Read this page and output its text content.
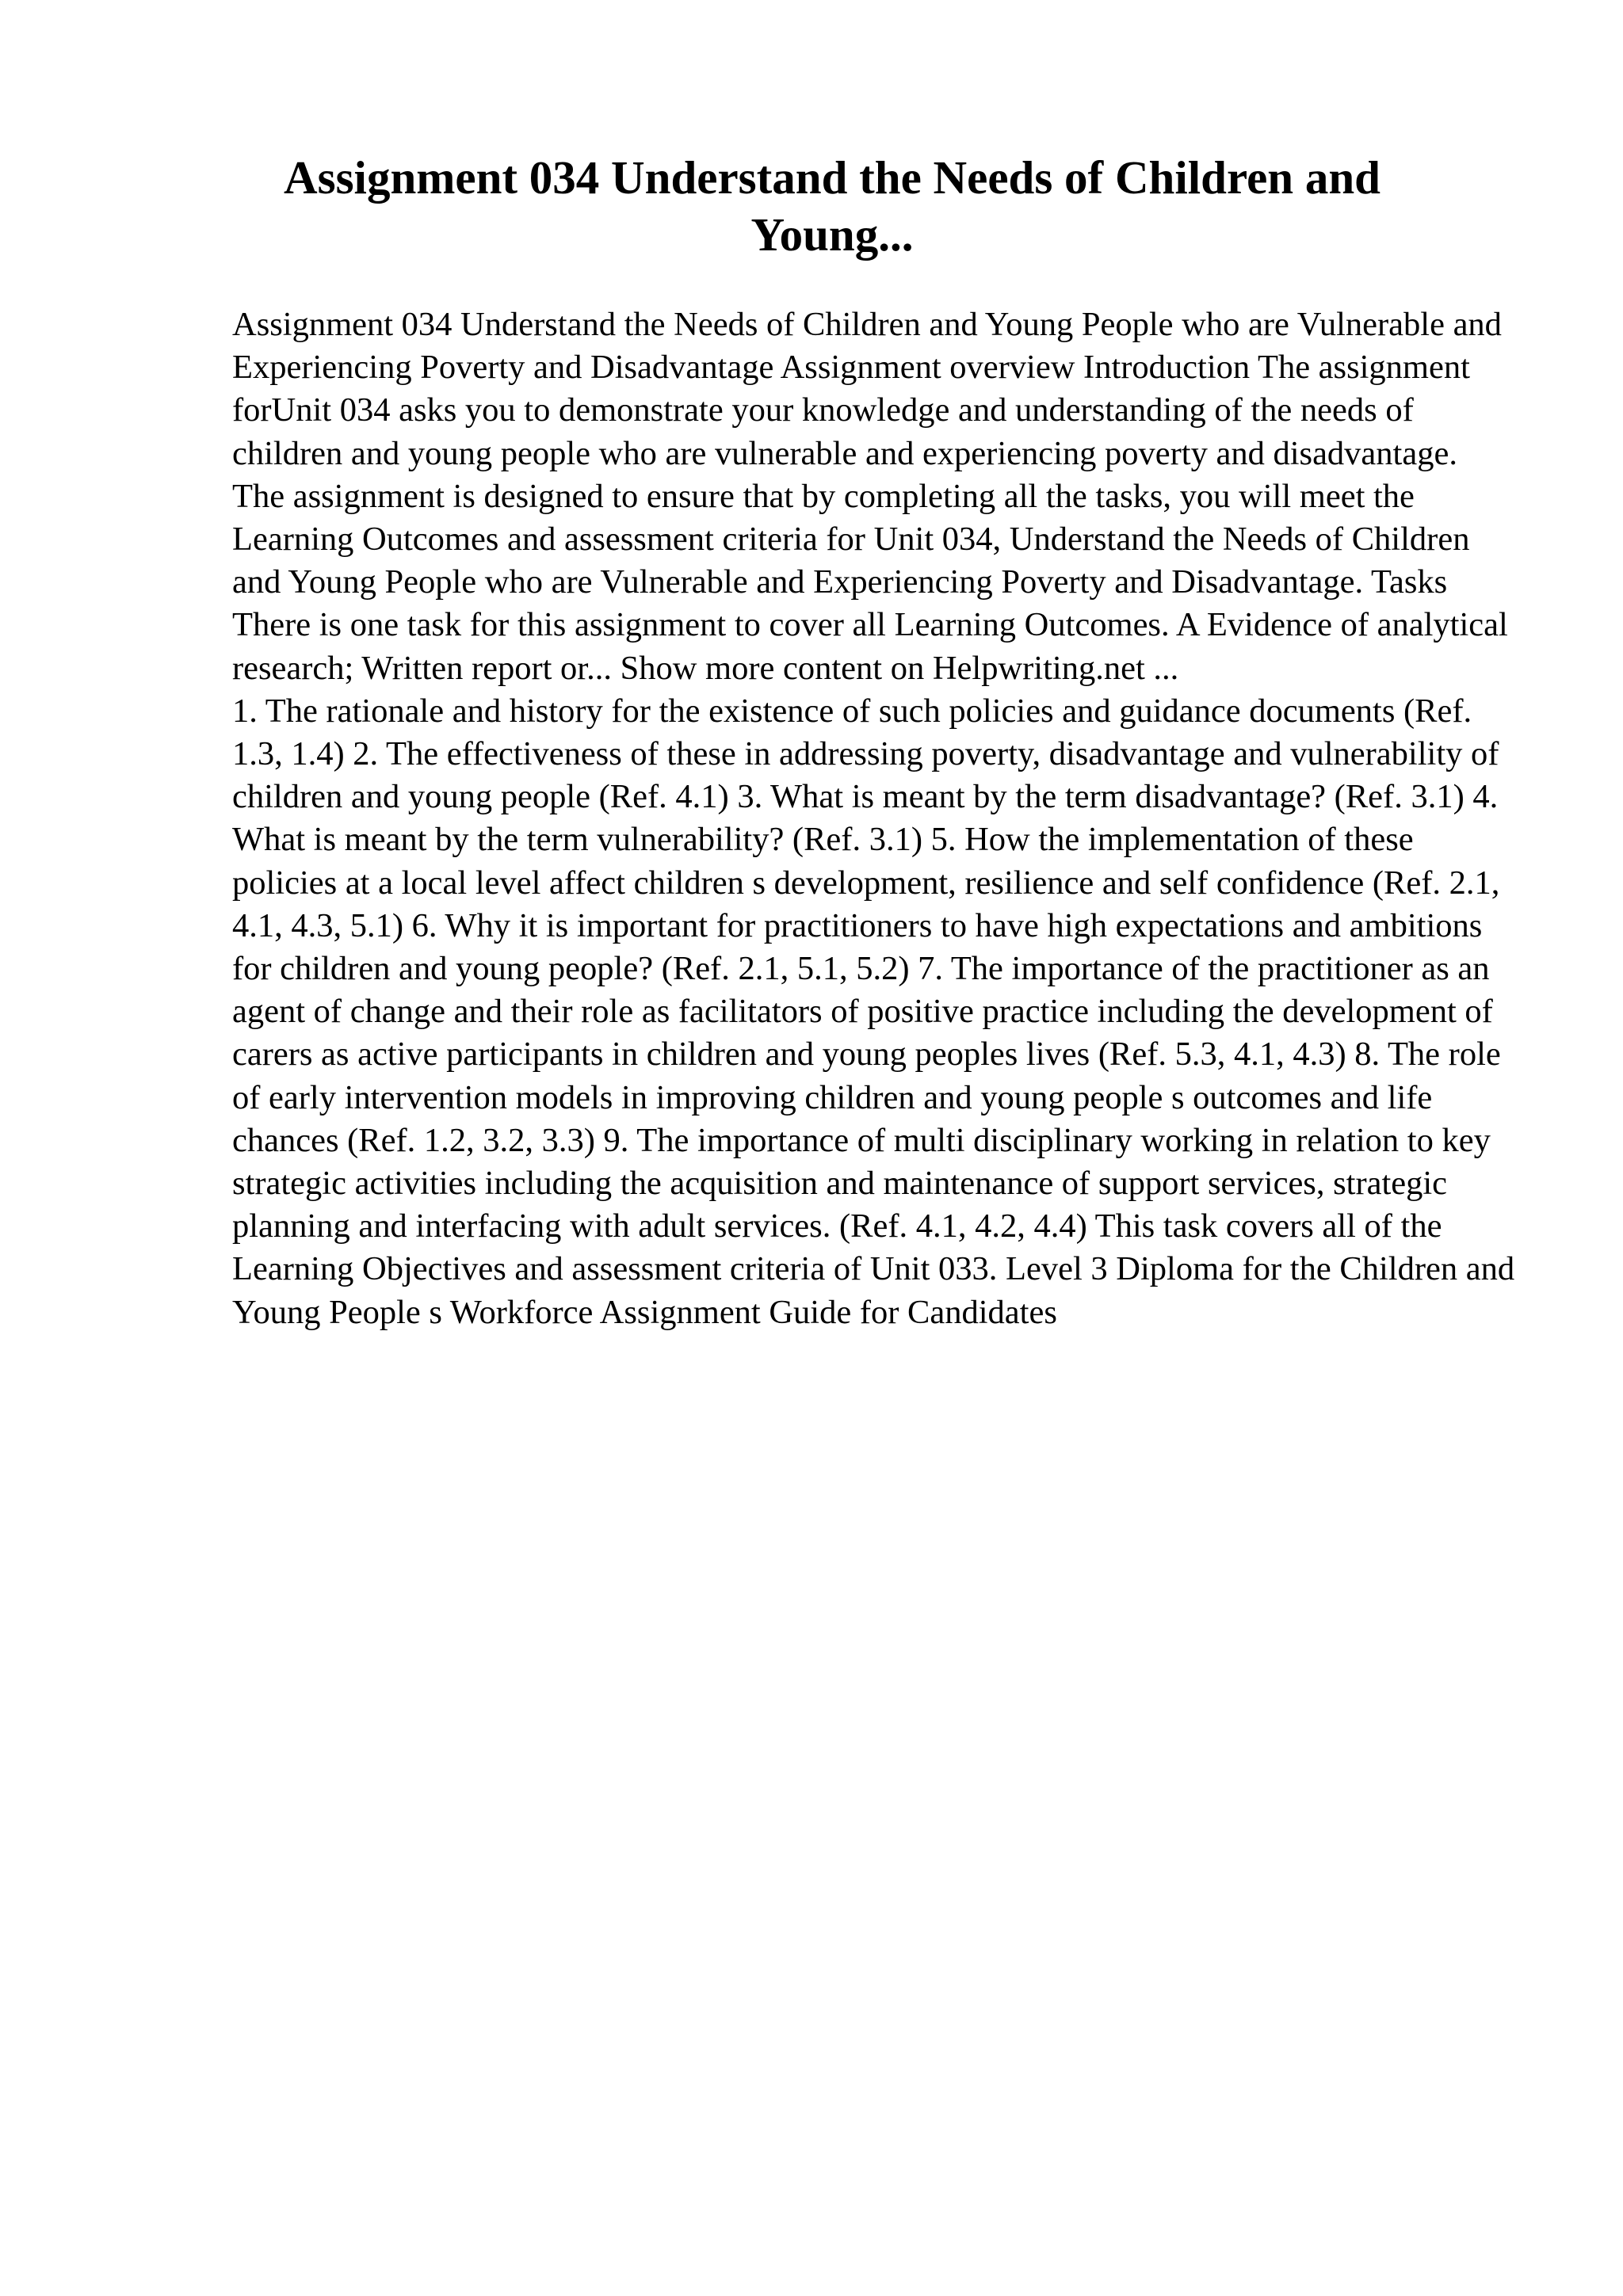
Assignment 034 Understand the Needs of Children and Young...

Assignment 034 Understand the Needs of Children and Young People who are Vulnerable and Experiencing Poverty and Disadvantage Assignment overview Introduction The assignment forUnit 034 asks you to demonstrate your knowledge and understanding of the needs of children and young people who are vulnerable and experiencing poverty and disadvantage. The assignment is designed to ensure that by completing all the tasks, you will meet the Learning Outcomes and assessment criteria for Unit 034, Understand the Needs of Children and Young People who are Vulnerable and Experiencing Poverty and Disadvantage. Tasks There is one task for this assignment to cover all Learning Outcomes. A Evidence of analytical research; Written report or... Show more content on Helpwriting.net ...

1. The rationale and history for the existence of such policies and guidance documents (Ref. 1.3, 1.4) 2. The effectiveness of these in addressing poverty, disadvantage and vulnerability of children and young people (Ref. 4.1) 3. What is meant by the term disadvantage? (Ref. 3.1) 4. What is meant by the term vulnerability? (Ref. 3.1) 5. How the implementation of these policies at a local level affect children s development, resilience and self confidence (Ref. 2.1, 4.1, 4.3, 5.1) 6. Why it is important for practitioners to have high expectations and ambitions for children and young people? (Ref. 2.1, 5.1, 5.2) 7. The importance of the practitioner as an agent of change and their role as facilitators of positive practice including the development of carers as active participants in children and young peoples lives (Ref. 5.3, 4.1, 4.3) 8. The role of early intervention models in improving children and young people s outcomes and life chances (Ref. 1.2, 3.2, 3.3) 9. The importance of multi disciplinary working in relation to key strategic activities including the acquisition and maintenance of support services, strategic planning and interfacing with adult services. (Ref. 4.1, 4.2, 4.4) This task covers all of the Learning Objectives and assessment criteria of Unit 033. Level 3 Diploma for the Children and Young People s Workforce Assignment Guide for Candidates
